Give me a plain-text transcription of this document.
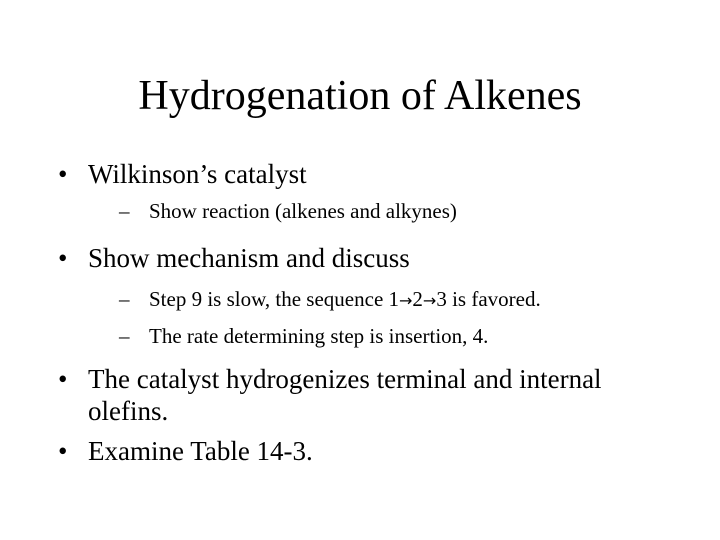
Hydrogenation of Alkenes
• Wilkinson’s catalyst
– Show reaction (alkenes and alkynes)
• Show mechanism and discuss
– Step 9 is slow, the sequence 1→2→3 is favored.
– The rate determining step is insertion, 4.
• The catalyst hydrogenizes terminal and internal
olefins.
• Examine Table 14-3.
